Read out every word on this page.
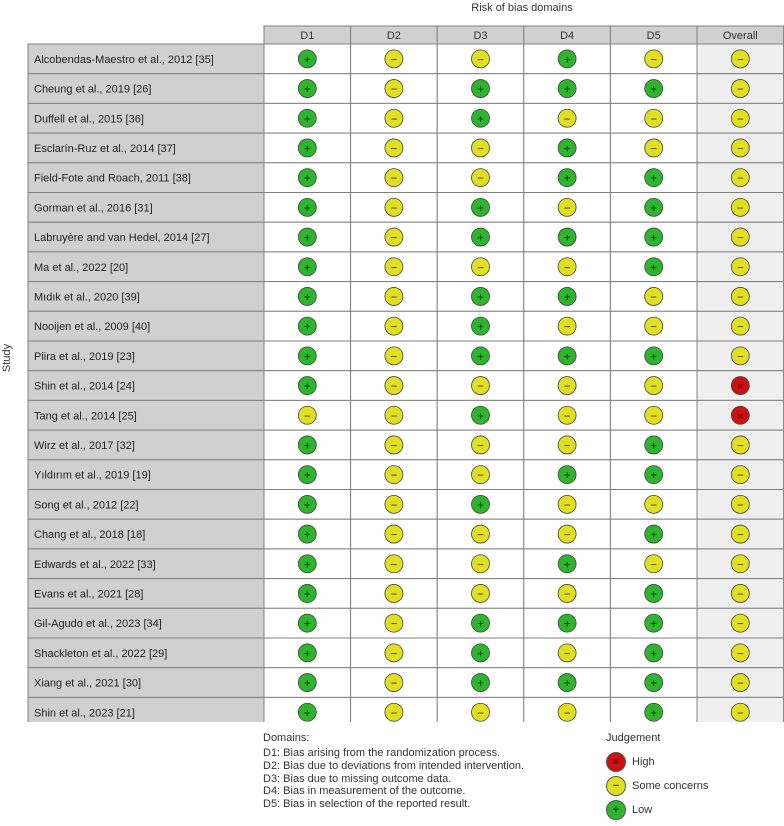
Risk of bias domains
Study
D1	D2	D3	D4	D5	Overall
Alcobendas-Maestro et al., 2012 [35]	+	−	−	+	−	−
Cheung et al., 2019 [26]	+	−	+	+	+	−
Duffell et al., 2015 [36]	+	−	+	−	−	−
Esclarín-Ruz et al., 2014 [37]	+	−	−	+	−	−
Field-Fote and Roach, 2011 [38]	+	−	−	+	+	−
Gorman et al., 2016 [31]	+	−	+	−	+	−
Labruyère and van Hedel, 2014 [27]	+	−	+	+	+	−
Ma et al., 2022 [20]	+	−	−	−	+	−
Mıdık et al., 2020 [39]	+	−	+	+	−	−
Nooijen et al., 2009 [40]	+	−	+	−	−	−
Piira et al., 2019 [23]	+	−	+	+	+	−
Shin et al., 2014 [24]	+	−	−	−	−	×
Tang et al., 2014 [25]	−	−	+	−	−	×
Wirz et al., 2017 [32]	+	−	−	−	+	−
Yıldırım et al., 2019 [19]	+	−	−	+	+	−
Song et al., 2012 [22]	+	−	+	−	−	−
Chang et al., 2018 [18]	+	−	−	−	+	−
Edwards et al., 2022 [33]	+	−	−	+	−	−
Evans et al., 2021 [28]	+	−	−	−	+	−
Gil-Agudo et al., 2023 [34]	+	−	+	+	+	−
Shackleton et al., 2022 [29]	+	−	+	−	+	−
Xiang et al., 2021 [30]	+	−	+	+	+	−
Shin et al., 2023 [21]	+	−	−	−	+	−
Domains:
D1: Bias arising from the randomization process.
D2: Bias due to deviations from intended intervention.
D3: Bias due to missing outcome data.
D4: Bias in measurement of the outcome.
D5: Bias in selection of the reported result.
Judgement
×	High
−	Some concerns
+	Low
